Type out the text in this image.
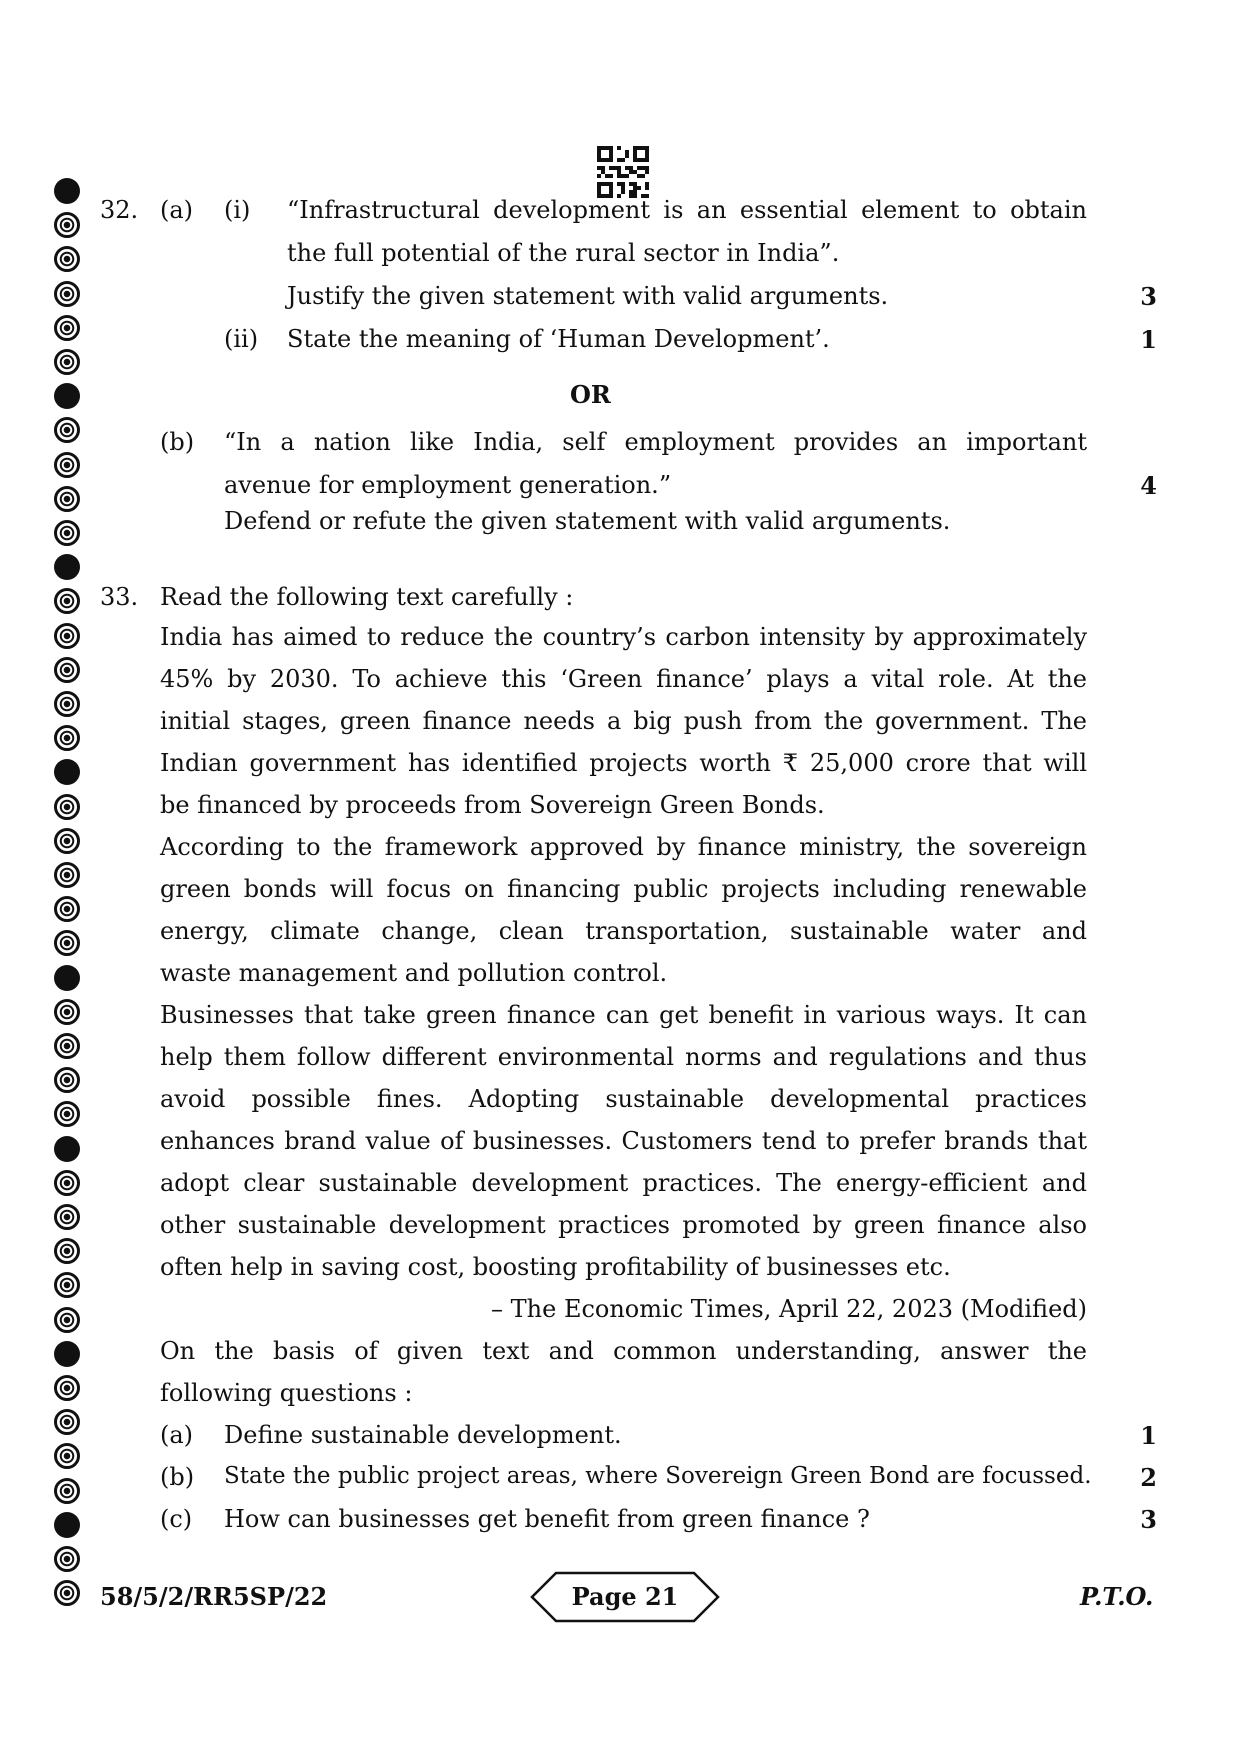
32. (a) (i) “Infrastructural development is an essential element to obtain
the full potential of the rural sector in India”.
Justify the given statement with valid arguments.	3
(ii) State the meaning of ‘Human Development’.	1
OR
(b) “In a nation like India, self employment provides an important
avenue for employment generation.”	4
Defend or refute the given statement with valid arguments.
33. Read the following text carefully :
India has aimed to reduce the country’s carbon intensity by approximately
45% by 2030. To achieve this ‘Green finance’ plays a vital role. At the
initial stages, green finance needs a big push from the government. The
Indian government has identified projects worth ₹ 25,000 crore that will
be financed by proceeds from Sovereign Green Bonds.
According to the framework approved by finance ministry, the sovereign
green bonds will focus on financing public projects including renewable
energy, climate change, clean transportation, sustainable water and
waste management and pollution control.
Businesses that take green finance can get benefit in various ways. It can
help them follow different environmental norms and regulations and thus
avoid possible fines. Adopting sustainable developmental practices
enhances brand value of businesses. Customers tend to prefer brands that
adopt clear sustainable development practices. The energy-efficient and
other sustainable development practices promoted by green finance also
often help in saving cost, boosting profitability of businesses etc.
– The Economic Times, April 22, 2023 (Modified)
On the basis of given text and common understanding, answer the
following questions :
(a) Define sustainable development.	1
(b) State the public project areas, where Sovereign Green Bond are focussed. 2
(c) How can businesses get benefit from green finance ?	3
58/5/2/RR5SP/22	Page 21	P.T.O.
